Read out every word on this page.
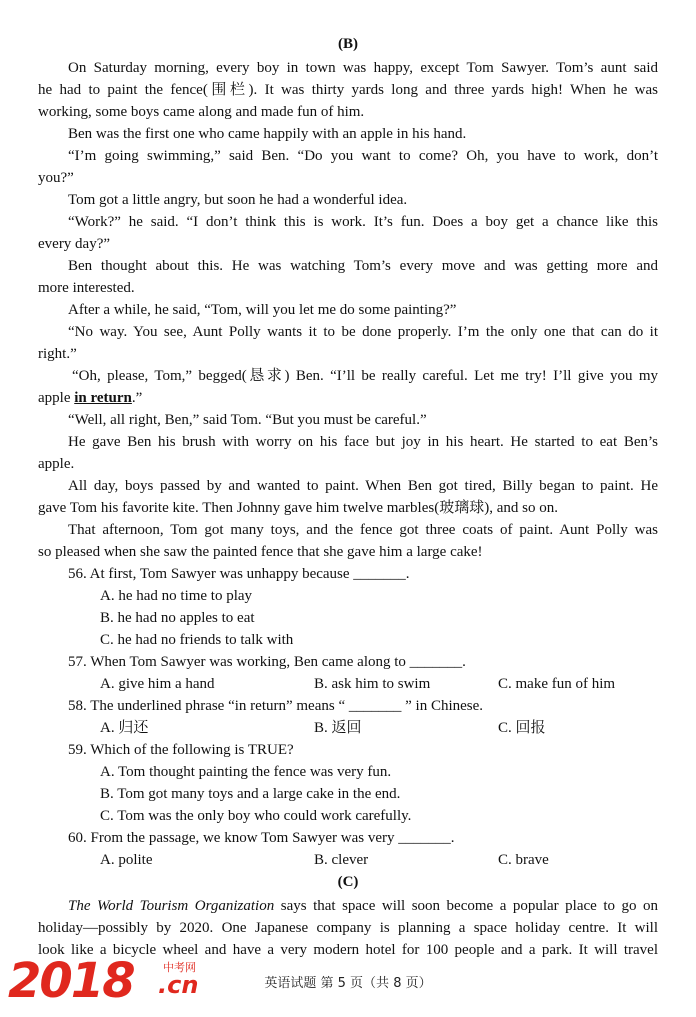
(B)
On Saturday morning, every boy in town was happy, except Tom Sawyer. Tom’s aunt said
he had to paint the fence(围栏). It was thirty yards long and three yards high! When he was
working, some boys came along and made fun of him.
Ben was the first one who came happily with an apple in his hand.
“I’m going swimming,” said Ben. “Do you want to come? Oh, you have to work, don’t
you?”
Tom got a little angry, but soon he had a wonderful idea.
“Work?” he said. “I don’t think this is work. It’s fun. Does a boy get a chance like this
every day?”
Ben thought about this. He was watching Tom’s every move and was getting more and
more interested.
After a while, he said, “Tom, will you let me do some painting?”
“No way. You see, Aunt Polly wants it to be done properly. I’m the only one that can do it
right.”
“Oh, please, Tom,” begged(恳求) Ben. “I’ll be really careful. Let me try! I’ll give you my
apple in return.”
“Well, all right, Ben,” said Tom. “But you must be careful.”
He gave Ben his brush with worry on his face but joy in his heart. He started to eat Ben’s
apple.
All day, boys passed by and wanted to paint. When Ben got tired, Billy began to paint. He
gave Tom his favorite kite. Then Johnny gave him twelve marbles(玻璃球), and so on.
That afternoon, Tom got many toys, and the fence got three coats of paint. Aunt Polly was
so pleased when she saw the painted fence that she gave him a large cake!
56. At first, Tom Sawyer was unhappy because _______.
A. he had no time to play
B. he had no apples to eat
C. he had no friends to talk with
57. When Tom Sawyer was working, Ben came along to _______.
A. give him a hand	B. ask him to swim	C. make fun of him
58. The underlined phrase “in return” means “ _______ ” in Chinese.
A. 归还	B. 返回	C. 回报
59. Which of the following is TRUE?
A. Tom thought painting the fence was very fun.
B. Tom got many toys and a large cake in the end.
C. Tom was the only boy who could work carefully.
60. From the passage, we know Tom Sawyer was very _______.
A. polite	B. clever	C. brave
(C)
The World Tourism Organization says that space will soon become a popular place to go on
holiday—possibly by 2020. One Japanese company is planning a space holiday centre. It will
look like a bicycle wheel and have a very modern hotel for 100 people and a park. It will travel
2018	中考网
.cn	英语试题 第 5 页（共 8 页）
